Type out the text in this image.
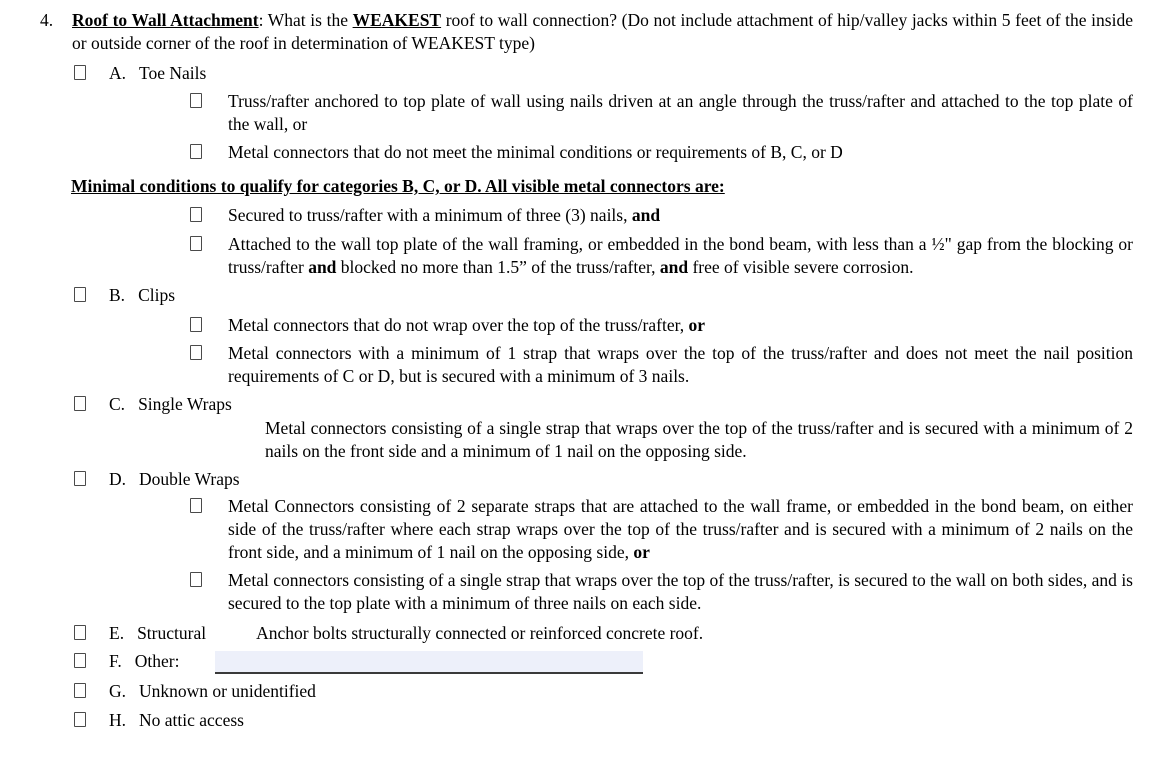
4. Roof to Wall Attachment: What is the WEAKEST roof to wall connection? (Do not include attachment of hip/valley jacks within 5 feet of the inside or outside corner of the roof in determination of WEAKEST type)
A. Toe Nails
Truss/rafter anchored to top plate of wall using nails driven at an angle through the truss/rafter and attached to the top plate of the wall, or
Metal connectors that do not meet the minimal conditions or requirements of B, C, or D
Minimal conditions to qualify for categories B, C, or D. All visible metal connectors are:
Secured to truss/rafter with a minimum of three (3) nails, and
Attached to the wall top plate of the wall framing, or embedded in the bond beam, with less than a ½" gap from the blocking or truss/rafter and blocked no more than 1.5” of the truss/rafter, and free of visible severe corrosion.
B. Clips
Metal connectors that do not wrap over the top of the truss/rafter, or
Metal connectors with a minimum of 1 strap that wraps over the top of the truss/rafter and does not meet the nail position requirements of C or D, but is secured with a minimum of 3 nails.
C. Single Wraps
Metal connectors consisting of a single strap that wraps over the top of the truss/rafter and is secured with a minimum of 2 nails on the front side and a minimum of 1 nail on the opposing side.
D. Double Wraps
Metal Connectors consisting of 2 separate straps that are attached to the wall frame, or embedded in the bond beam, on either side of the truss/rafter where each strap wraps over the top of the truss/rafter and is secured with a minimum of 2 nails on the front side, and a minimum of 1 nail on the opposing side, or
Metal connectors consisting of a single strap that wraps over the top of the truss/rafter, is secured to the wall on both sides, and is secured to the top plate with a minimum of three nails on each side.
E. Structural	Anchor bolts structurally connected or reinforced concrete roof.
F. Other:
G. Unknown or unidentified
H. No attic access
